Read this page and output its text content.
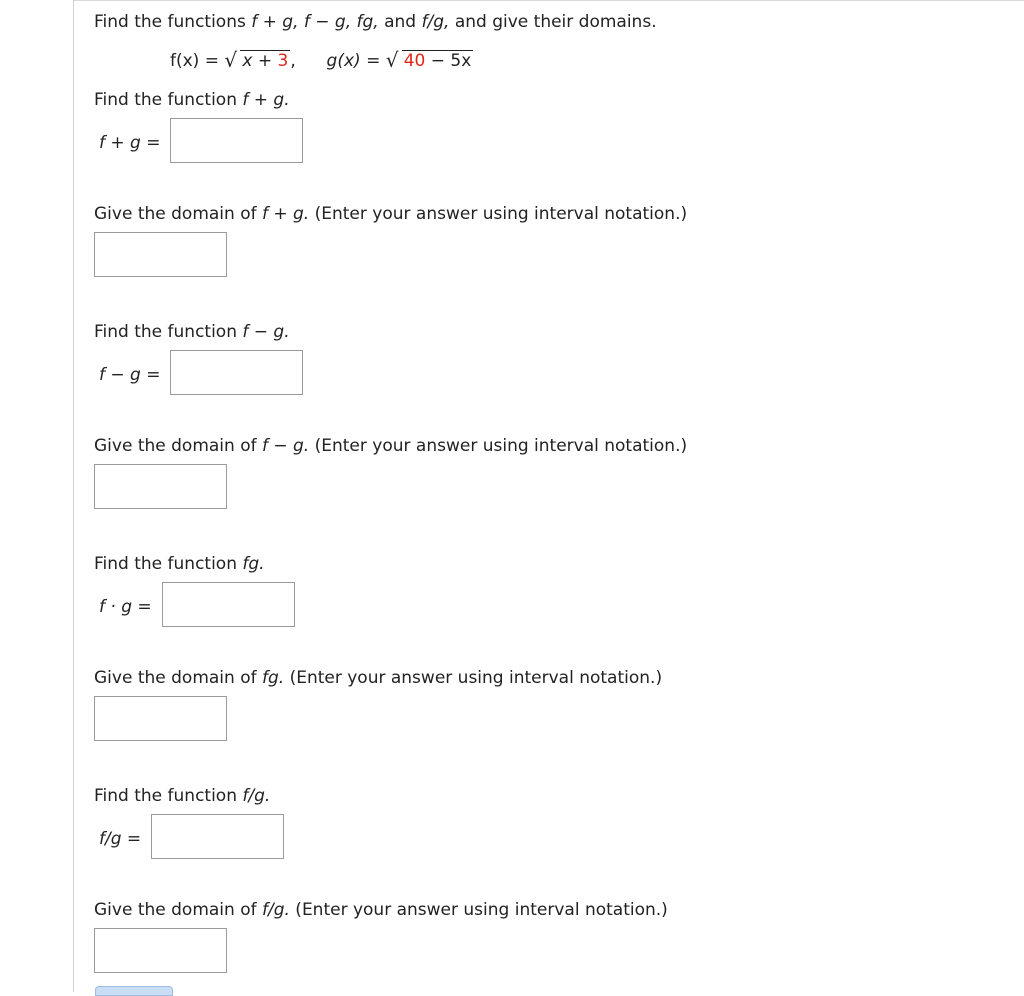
Find the functions f + g, f − g, fg, and f/g, and give their domains.
f(x) = √ x + 3 , g(x) = √ 40 − 5x
Find the function f + g.
f + g =
Give the domain of f + g. (Enter your answer using interval notation.)
Find the function f − g.
f − g =
Give the domain of f − g. (Enter your answer using interval notation.)
Find the function fg.
f · g =
Give the domain of fg. (Enter your answer using interval notation.)
Find the function f/g.
f/g =
Give the domain of f/g. (Enter your answer using interval notation.)
